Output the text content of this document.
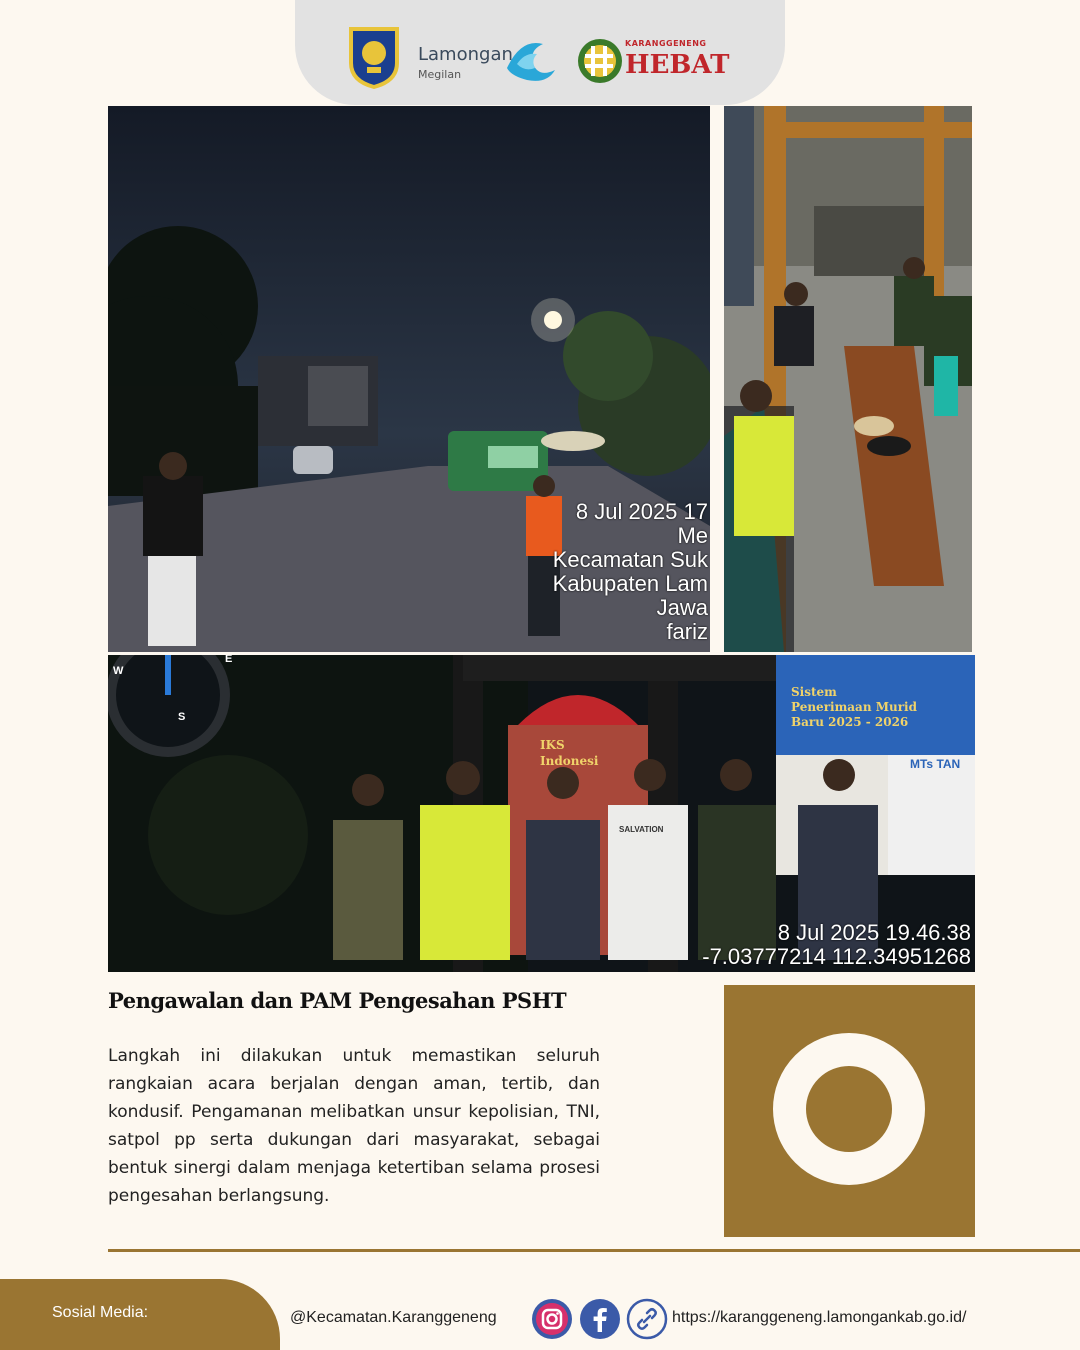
Lamongan
Megilan
KARANGGENENG
HEBAT
8 Jul 2025 17
Me
Kecamatan Suk
Kabupaten Lam
Jawa
fariz
W
E
S
Sistem
Penerimaan Murid
Baru 2025 - 2026
MTs TAN
IKS
Indonesi
SALVATION
8 Jul 2025 19.46.38
-7.03777214 112.34951268
Pengawalan dan PAM Pengesahan PSHT
Langkah ini dilakukan untuk memastikan seluruh rangkaian acara berjalan dengan aman, tertib, dan kondusif. Pengamanan melibatkan unsur kepolisian, TNI, satpol pp serta dukungan dari masyarakat, sebagai bentuk sinergi dalam menjaga ketertiban selama prosesi pengesahan berlangsung.
Sosial Media:	@Kecamatan.Karanggeneng	https://karanggeneng.lamongankab.go.id/
